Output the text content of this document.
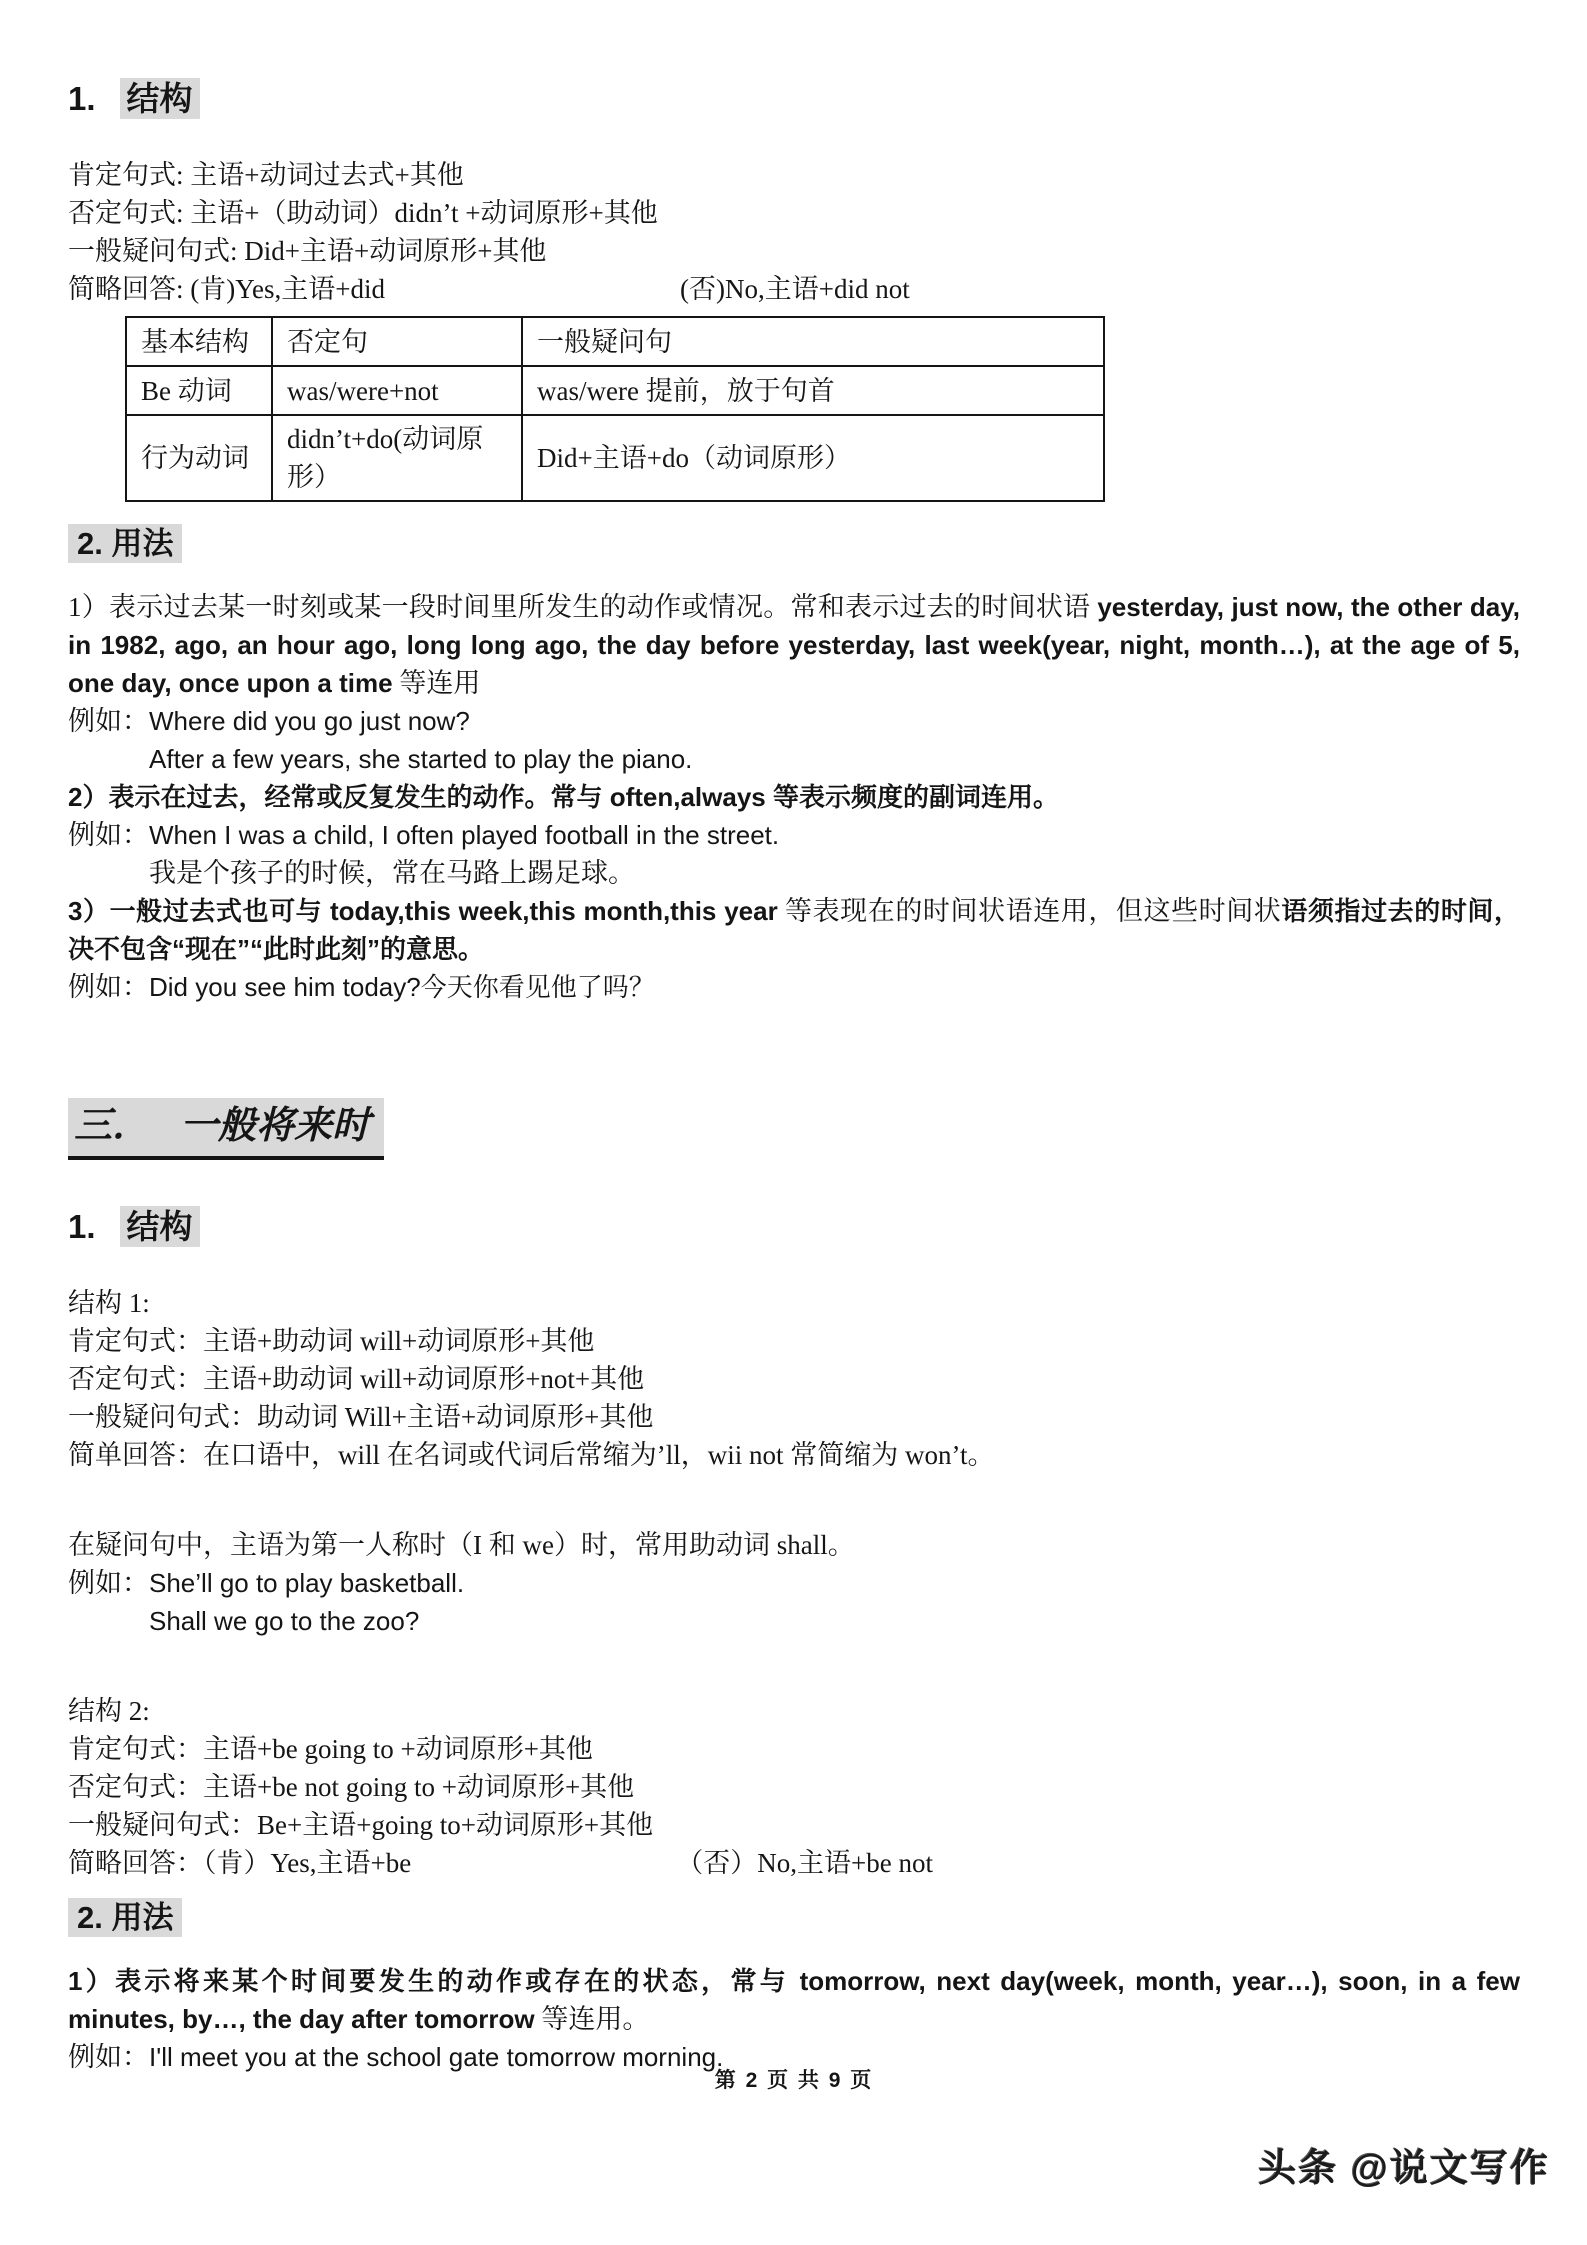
1. 结构

肯定句式: 主语+动词过去式+其他

否定句式: 主语+（助动词）didn’t +动词原形+其他

一般疑问句式: Did+主语+动词原形+其他

简略回答: (肯)Yes,主语+did	(否)No,主语+did not

基本结构	否定句	一般疑问句
Be 动词	was/were+not	was/were 提前，放于句首
行为动词	didn’t+do(动词原形）	Did+主语+do（动词原形）
2. 用法

1）表示过去某一时刻或某一段时间里所发生的动作或情况。常和表示过去的时间状语 yesterday, just now, the other day, in 1982, ago, an hour ago, long long ago, the day before yesterday, last week(year, night, month…), at the age of 5, one day, once upon a time 等连用

例如：Where did you go just now?

After a few years, she started to play the piano.

2）表示在过去，经常或反复发生的动作。常与 often,always 等表示频度的副词连用。

例如：When I was a child, I often played football in the street.

我是个孩子的时候，常在马路上踢足球。

3）一般过去式也可与 today,this week,this month,this year 等表现在的时间状语连用，但这些时间状语须指过去的时间，决不包含“现在”“此时此刻”的意思。

例如：Did you see him today?今天你看见他了吗？

三． 一般将来时
1. 结构

结构 1:

肯定句式：主语+助动词 will+动词原形+其他

否定句式：主语+助动词 will+动词原形+not+其他

一般疑问句式：助动词 Will+主语+动词原形+其他

简单回答：在口语中，will 在名词或代词后常缩为’ll，wii not 常简缩为 won’t。

在疑问句中，主语为第一人称时（I 和 we）时，常用助动词 shall。

例如：She’ll go to play basketball.

Shall we go to the zoo?

结构 2:

肯定句式：主语+be going to +动词原形+其他

否定句式：主语+be not going to +动词原形+其他

一般疑问句式：Be+主语+going to+动词原形+其他

简略回答：（肯）Yes,主语+be	（否）No,主语+be not

2. 用法

1）表示将来某个时间要发生的动作或存在的状态，常与 tomorrow, next day(week, month, year…), soon, in a few minutes, by…, the day after tomorrow 等连用。

例如：I'll meet you at the school gate tomorrow morning.

第 2 页 共 9 页
头条 @说文写作
